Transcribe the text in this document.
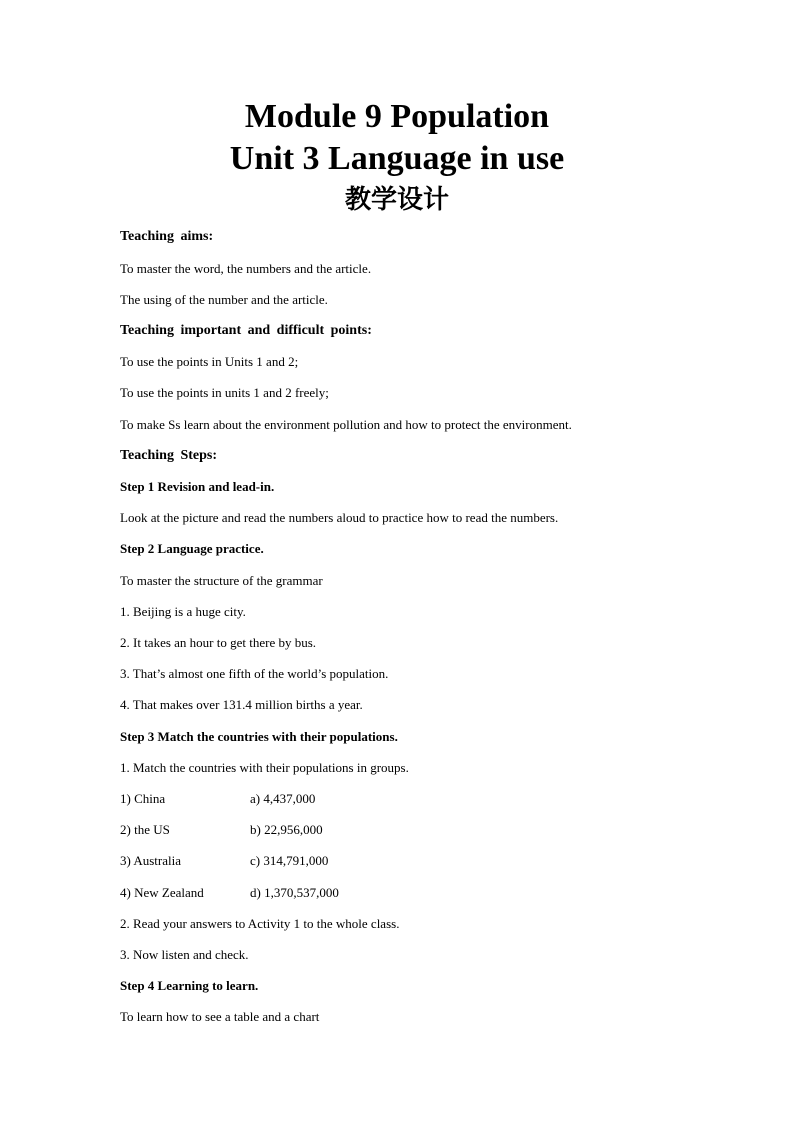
Module 9 Population
Unit 3 Language in use
教学设计
Teaching aims:
To master the word, the numbers and the article.
The using of the number and the article.
Teaching important and difficult points:
To use the points in Units 1 and 2;
To use the points in units 1 and 2 freely;
To make Ss learn about the environment pollution and how to protect the environment.
Teaching Steps:
Step 1 Revision and lead-in.
Look at the picture and read the numbers aloud to practice how to read the numbers.
Step 2 Language practice.
To master the structure of the grammar
1. Beijing is a huge city.
2. It takes an hour to get there by bus.
3. That’s almost one fifth of the world’s population.
4. That makes over 131.4 million births a year.
Step 3 Match the countries with their populations.
1. Match the countries with their populations in groups.
1) China	a) 4,437,000
2) the US	b) 22,956,000
3) Australia	c) 314,791,000
4) New Zealand	d) 1,370,537,000
2. Read your answers to Activity 1 to the whole class.
3. Now listen and check.
Step 4 Learning to learn.
To learn how to see a table and a chart
